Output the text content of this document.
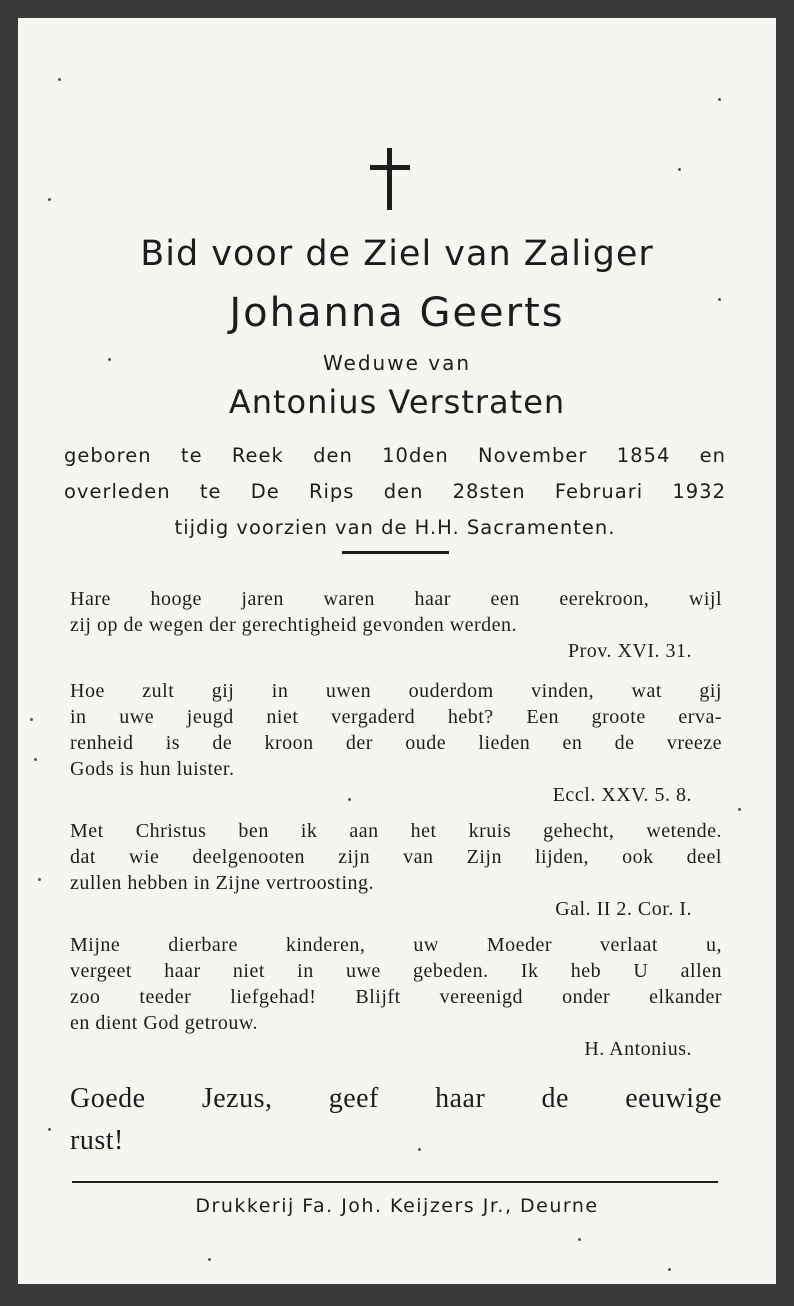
Bid voor de Ziel van Zaliger
Johanna Geerts
Weduwe van
Antonius Verstraten
geboren te Reek den 10den November 1854 en
overleden te De Rips den 28sten Februari 1932
tijdig voorzien van de H.H. Sacramenten.
Hare hooge jaren waren haar een eerekroon, wijl
zij op de wegen der gerechtigheid gevonden werden.
Prov. XVI. 31.
Hoe zult gij in uwen ouderdom vinden, wat gij
in uwe jeugd niet vergaderd hebt? Een groote erva-
renheid is de kroon der oude lieden en de vreeze
Gods is hun luister.
Eccl. XXV. 5. 8.
Met Christus ben ik aan het kruis gehecht, wetende.
dat wie deelgenooten zijn van Zijn lijden, ook deel
zullen hebben in Zijne vertroosting.
Gal. II 2. Cor. I.
Mijne dierbare kinderen, uw Moeder verlaat u,
vergeet haar niet in uwe gebeden. Ik heb U allen
zoo teeder liefgehad! Blijft vereenigd onder elkander
en dient God getrouw.
H. Antonius.
Goede Jezus, geef haar de eeuwige
rust!
Drukkerij Fa. Joh. Keijzers Jr., Deurne
